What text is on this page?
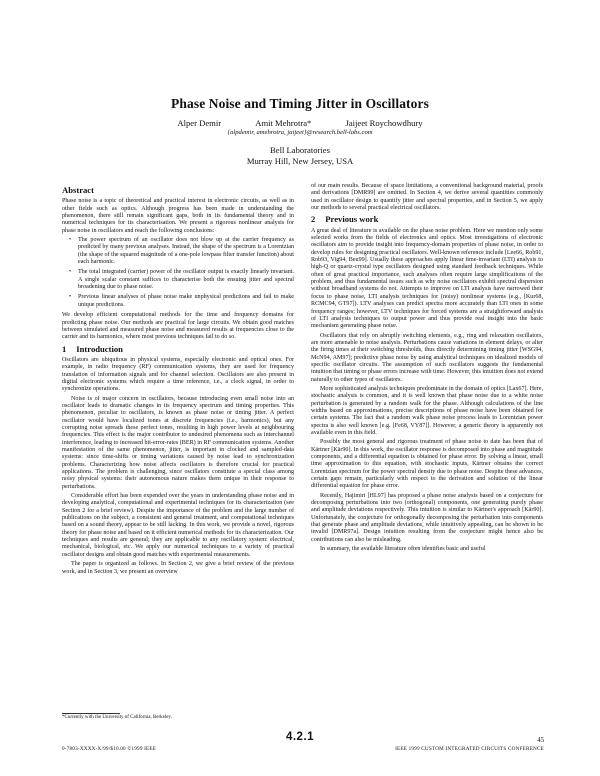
Phase Noise and Timing Jitter in Oscillators
Alper Demir	Amit Mehrotra*	Jaijeet Roychowdhury
{alpdemir, amehrotra, jaijeet}@research.bell-labs.com
Bell Laboratories
Murray Hill, New Jersey, USA
Abstract

Phase noise is a topic of theoretical and practical interest in electronic circuits, as well as in other fields such as optics. Although progress has been made in understanding the phenomenon, there still remain significant gaps, both in its fundamental theory and in numerical techniques for its characterisation. We present a rigorous nonlinear analysis for phase noise in oscillators and reach the following conclusions:

• The power spectrum of an oscillator does not blow up at the carrier frequency as predicted by many previous analyses. Instead, the shape of the spectrum is a Lorentzian (the shape of the squared magnitude of a one-pole lowpass filter transfer function) about each harmonic.
• The total integrated (carrier) power of the oscillator output is exactly linearly invariant. A single scalar constant suffices to characterise both the ensuing jitter and spectral broadening due to phase noise.
• Previous linear analyses of phase noise make unphysical predictions and fail to make unique predictions.

We develop efficient computational methods for the time and frequency domains for predicting phase noise. Our methods are practical for large circuits. We obtain good matches between simulated and measured phase noise and measured results at frequencies close to the carrier and its harmonics, where most previous techniques fail to do so.

1 Introduction

Oscillators are ubiquitous in physical systems, especially electronic and optical ones. For example, in radio frequency (RF) communication systems, they are used for frequency translation of information signals and for channel selection. Oscillators are also present in digital electronic systems which require a time reference, i.e., a clock signal, in order to synchronize operations.

Noise is of major concern in oscillators, because introducing even small noise into an oscillator leads to dramatic changes in its frequency spectrum and timing properties. This phenomenon, peculiar to oscillators, is known as phase noise or timing jitter. A perfect oscillator would have localized tones at discrete frequencies (i.e., harmonics), but any corrupting noise spreads these perfect tones, resulting in high power levels at neighbouring frequencies. This effect is the major contributor to undesired phenomena such as interchannel interference, leading to increased bit-error-rates (BER) in RF communication systems. Another manifestation of the same phenomenon, jitter, is important in clocked and sampled-data systems: since time-shifts or timing variations caused by noise lead to synchronization problems. Characterizing how noise affects oscillators is therefore crucial for practical applications. The problem is challenging, since oscillators constitute a special class among noisy physical systems: their autonomous nature makes them unique in their response to perturbations.

Considerable effort has been expended over the years in understanding phase noise and in developing analytical, computational and experimental techniques for its characterization (see Section 2 for a brief review). Despite the importance of the problem and the large number of publications on the subject, a consistent and general treatment, and computational techniques based on a sound theory, appear to be still lacking. In this work, we provide a novel, rigorous theory for phase noise and based on it efficient numerical methods for its characterization. Our techniques and results are general; they are applicable to any oscillatory system: electrical, mechanical, biological, etc. We apply our numerical techniques to a variety of practical oscillator designs and obtain good matches with experimental measurements.

The paper is organized as follows. In Section 2, we give a brief review of the previous work, and in Section 3, we present an overview

of our main results. Because of space limitations, a conventional background material, proofs and derivations [DMR99] are omitted. In Section 4, we derive several quantities commonly used in oscillator design to quantify jitter and spectral properties, and in Section 5, we apply our methods to several practical electrical oscillators.

2 Previous work

A great deal of literature is available on the phase noise problem. Here we mention only some selected works from the fields of electronics and optics. Most investigations of electronic oscillators aim to provide insight into frequency-domain properties of phase noise, in order to develop rules for designing practical oscillators. Well-known reference include [Lee66, Rob91, Rob93, Vig94, Beu99]. Usually these approaches apply linear time-invariant (LTI) analysis to high-Q or quartz-crystal type oscillators designed using standard feedback techniques. While often of great practical importance, such analyses often require large simplifications of the problem, and thus fundamental issues such as why noise oscillators exhibit spectral dispersion without broadband systems do not. Attempts to improve on LTI analysis have narrowed their focus to phase noise, LTI analysis techniques for (noisy) nonlinear systems (e.g., [Kur68, RCMC94, GT97]). LTV analyses can predict spectra more accurately than LTI ones in some frequency ranges; however, LTV techniques for forced systems are a straightforward analysis of LTI analysis techniques to output power and thus provide real insight into the basic mechanism generating phase noise.

Oscillators that rely on abruptly switching elements, e.g., ring and relaxation oscillators, are more amenable to noise analysis. Perturbations cause variations in element delays, or alter the firing times at their switching thresholds, thus directly determining timing jitter [WSG94, McN94, AM97]; predictive phase noise by using analytical techniques on idealized models of specific oscillator circuits. The assumption of such oscillators suggests the fundamental intuition that timing or phase errors increase with time. However, this intuition does not extend naturally to other types of oscillators.

More sophisticated analysis techniques predominate in the domain of optics [Lax67]. Here, stochastic analysis is common, and it is well known that phase noise due to a white noise perturbation is generated by a random walk for the phase. Although calculations of the line widths based on approximations, precise descriptions of phase noise have been obtained for certain systems. The fact that a random walk phase noise process leads to Lorentzian power spectra is also well known [e.g. [Fe68, VY87]]. However, a generic theory is apparently not available even in this field.

Possibly the most general and rigorous treatment of phase noise to date has been that of Kärtner [Kär90]. In this work, the oscillator response is decomposed into phase and magnitude components, and a differential equation is obtained for phase error. By solving a linear, small time approximation to this equation, with stochastic inputs, Kärtner obtains the correct Lorentzian spectrum for the power spectral density due to phase noise. Despite these advances, certain gaps remain, particularly with respect to the derivation and solution of the linear differential equation for phase error.

Recently, Hajimiri [HL97] has proposed a phase noise analysis based on a conjecture for decomposing perturbations into two (orthogonal) components, one generating purely phase and amplitude deviations respectively. This intuition is similar to Kärtner's approach [Kär90]. Unfortunately, the conjecture for orthogonally decomposing the perturbation into components that generate phase and amplitude deviations, while intuitively appealing, can be shown to be invalid [DMR97a]. Design intuition resulting from the conjecture might hence also be contributions can also be misleading.

In summary, the available literature often identifies basic and useful

*Currently with the University of California, Berkeley.
4.2.1	45
0-7803-XXXX-X/99/$10.00 ©1999 IEEE	IEEE 1999 CUSTOM INTEGRATED CIRCUITS CONFERENCE
